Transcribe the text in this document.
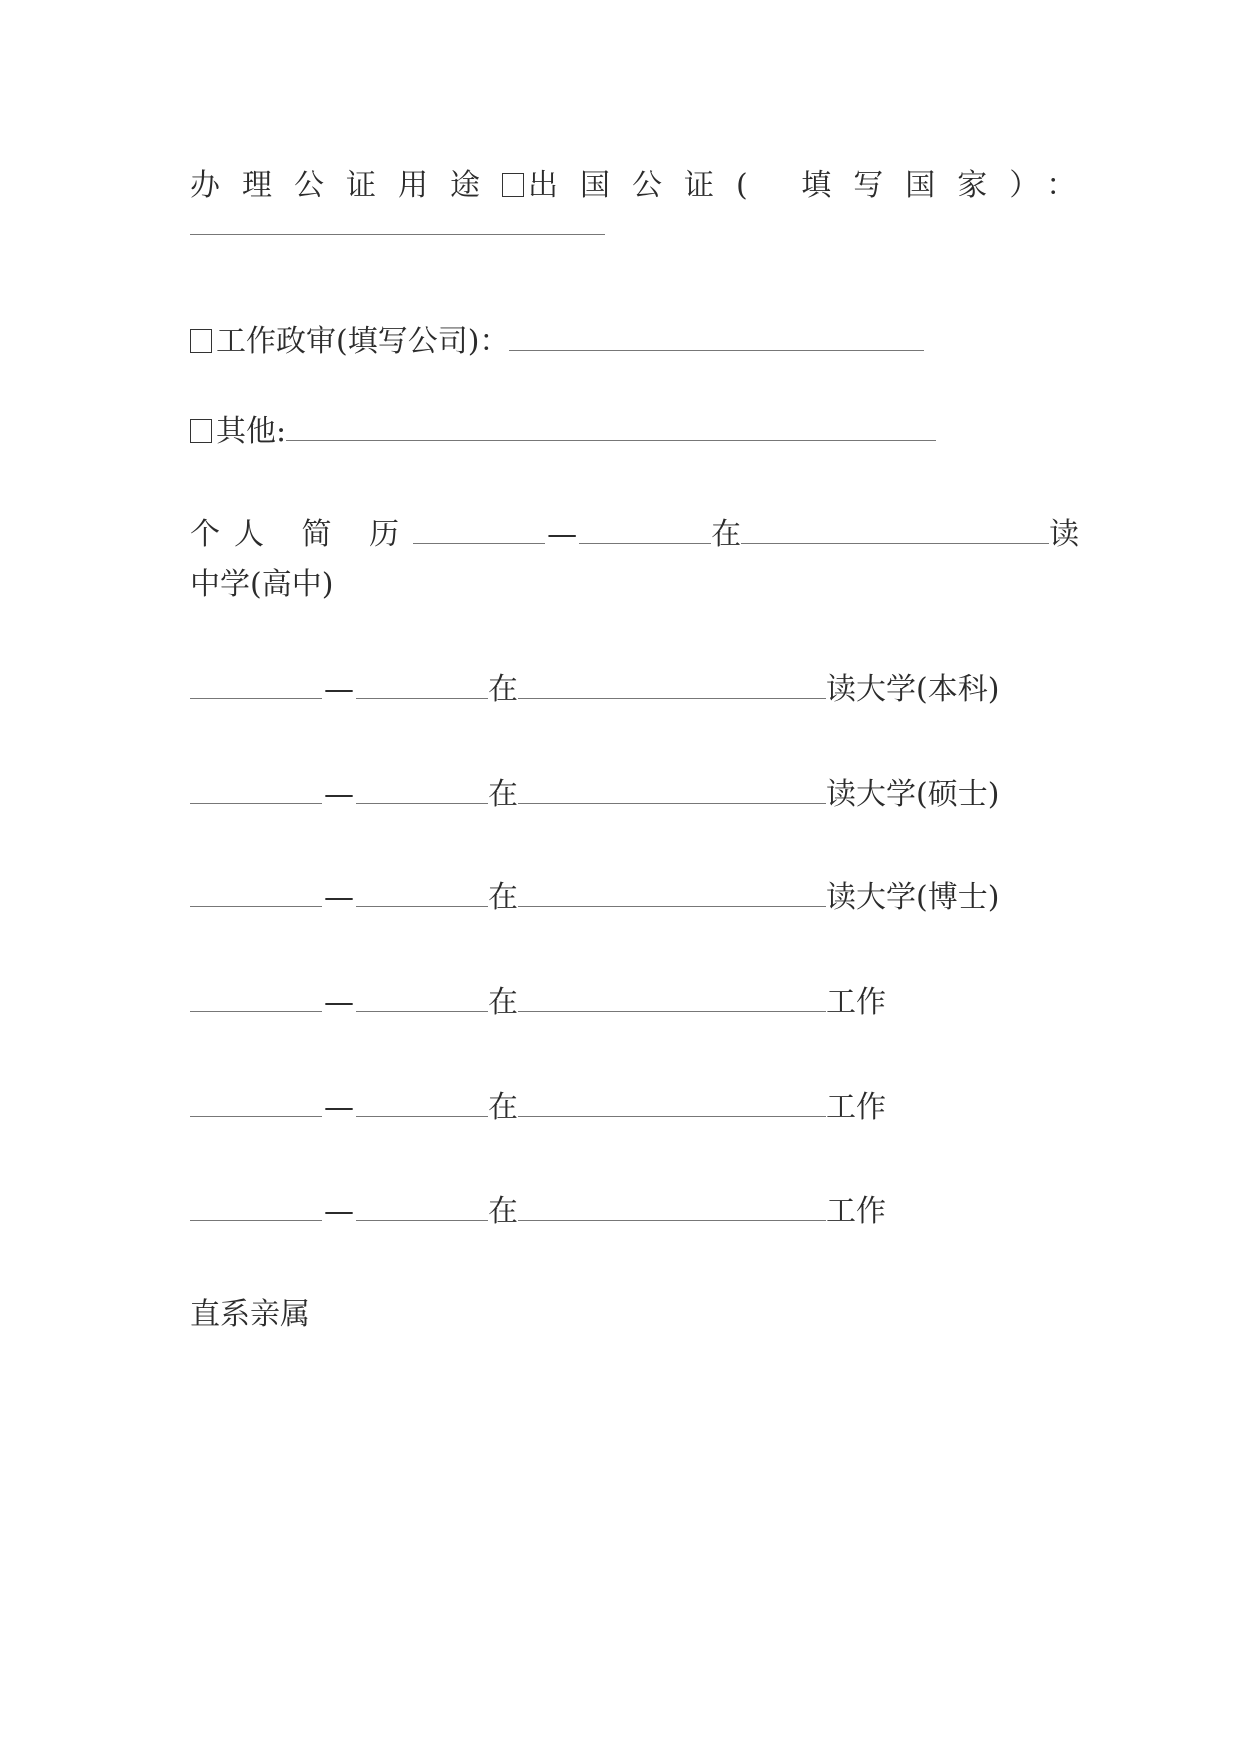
办理公证用途 出国公证( 填写国家）：
工作政审(填写公司)：
其他:
个人 简 历	—	在	读
中学(高中)
—	在	读大学(本科)
—	在	读大学(硕士)
—	在	读大学(博士)
—	在	工作
—	在	工作
—	在	工作
直系亲属
